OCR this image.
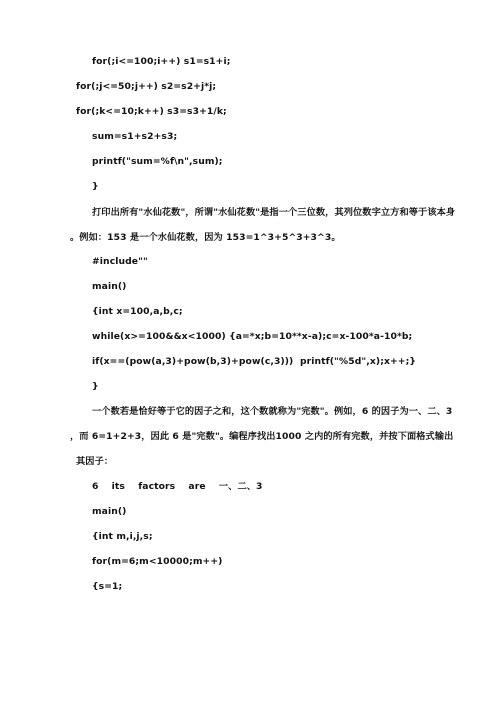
for(;i<=100;i++) s1=s1+i;
for(;j<=50;j++) s2=s2+j*j;
for(;k<=10;k++) s3=s3+1/k;
sum=s1+s2+s3;
printf("sum=%f\n",sum);
}
打印出所有"水仙花数"，所谓"水仙花数"是指一个三位数，其列位数字立方和等于该本身
。例如：153 是一个水仙花数，因为 153=1^3+5^3+3^3。
#include""
main()
{int x=100,a,b,c;
while(x>=100&&x<1000) {a=*x;b=10**x-a);c=x-100*a-10*b;
if(x==(pow(a,3)+pow(b,3)+pow(c,3)))  printf("%5d",x);x++;}
}
一个数若是恰好等于它的因子之和，这个数就称为"完数"。例如，6 的因子为一、二、3
，而 6=1+2+3，因此 6 是"完数"。编程序找出1000 之内的所有完数，并按下面格式输出
其因子：
6    its    factors    are    一、二、3
main()
{int m,i,j,s;
for(m=6;m<10000;m++)
{s=1;
